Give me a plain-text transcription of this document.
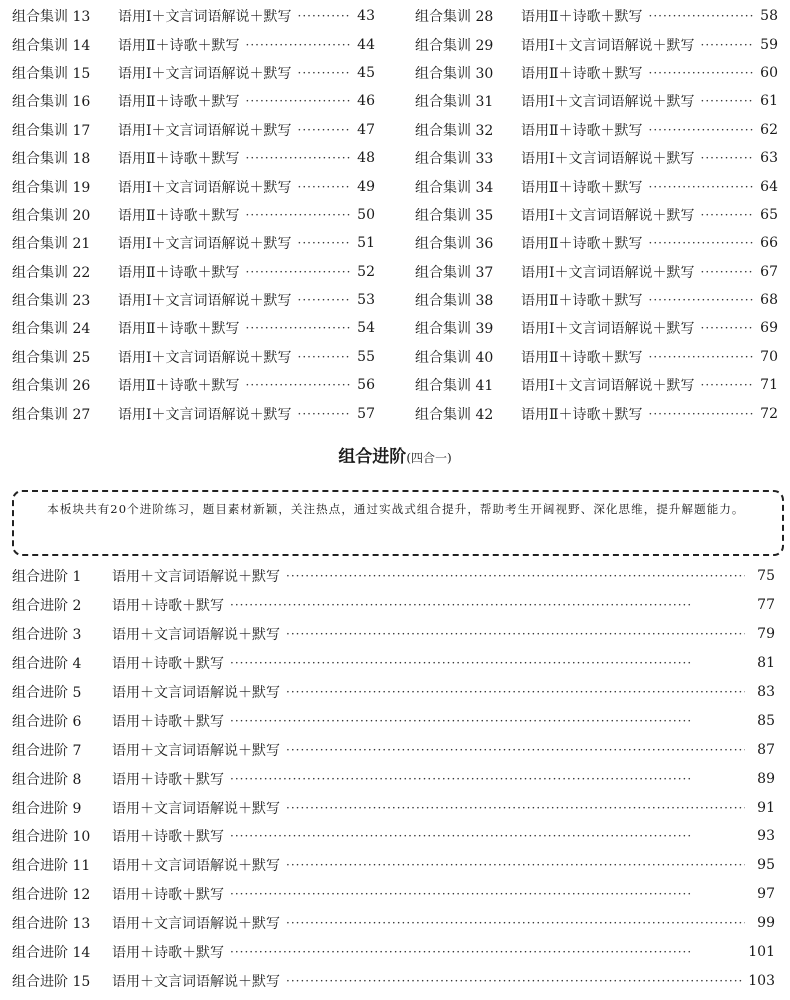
组合集训 13	语用Ⅰ＋文言词语解说＋默写 ·····	43
组合集训 14	语用Ⅱ＋诗歌＋默写 ·····	44
组合集训 15	语用Ⅰ＋文言词语解说＋默写 ·····	45
组合集训 16	语用Ⅱ＋诗歌＋默写 ·····	46
组合集训 17	语用Ⅰ＋文言词语解说＋默写 ·····	47
组合集训 18	语用Ⅱ＋诗歌＋默写 ·····	48
组合集训 19	语用Ⅰ＋文言词语解说＋默写 ·····	49
组合集训 20	语用Ⅱ＋诗歌＋默写 ·····	50
组合集训 21	语用Ⅰ＋文言词语解说＋默写 ·····	51
组合集训 22	语用Ⅱ＋诗歌＋默写 ·····	52
组合集训 23	语用Ⅰ＋文言词语解说＋默写 ·····	53
组合集训 24	语用Ⅱ＋诗歌＋默写 ·····	54
组合集训 25	语用Ⅰ＋文言词语解说＋默写 ·····	55
组合集训 26	语用Ⅱ＋诗歌＋默写 ·····	56
组合集训 27	语用Ⅰ＋文言词语解说＋默写 ·····	57
组合集训 28	语用Ⅱ＋诗歌＋默写 ·····	58
组合集训 29	语用Ⅰ＋文言词语解说＋默写 ·····	59
组合集训 30	语用Ⅱ＋诗歌＋默写 ·····	60
组合集训 31	语用Ⅰ＋文言词语解说＋默写 ·····	61
组合集训 32	语用Ⅱ＋诗歌＋默写 ·····	62
组合集训 33	语用Ⅰ＋文言词语解说＋默写 ·····	63
组合集训 34	语用Ⅱ＋诗歌＋默写 ·····	64
组合集训 35	语用Ⅰ＋文言词语解说＋默写 ·····	65
组合集训 36	语用Ⅱ＋诗歌＋默写 ·····	66
组合集训 37	语用Ⅰ＋文言词语解说＋默写 ·····	67
组合集训 38	语用Ⅱ＋诗歌＋默写 ·····	68
组合集训 39	语用Ⅰ＋文言词语解说＋默写 ·····	69
组合集训 40	语用Ⅱ＋诗歌＋默写 ·····	70
组合集训 41	语用Ⅰ＋文言词语解说＋默写 ·····	71
组合集训 42	语用Ⅱ＋诗歌＋默写 ·····	72
组合进阶(四合一)

本板块共有20个进阶练习，题目素材新颖，关注热点，通过实战式组合提升，帮助考生开阔视野、深化思维，提升解题能力。

组合进阶 1	语用＋文言词语解说＋默写 ·····	75
组合进阶 2	语用＋诗歌＋默写 ·····	77
组合进阶 3	语用＋文言词语解说＋默写 ·····	79
组合进阶 4	语用＋诗歌＋默写 ·····	81
组合进阶 5	语用＋文言词语解说＋默写 ·····	83
组合进阶 6	语用＋诗歌＋默写 ·····	85
组合进阶 7	语用＋文言词语解说＋默写 ·····	87
组合进阶 8	语用＋诗歌＋默写 ·····	89
组合进阶 9	语用＋文言词语解说＋默写 ·····	91
组合进阶 10	语用＋诗歌＋默写 ·····	93
组合进阶 11	语用＋文言词语解说＋默写 ·····	95
组合进阶 12	语用＋诗歌＋默写 ·····	97
组合进阶 13	语用＋文言词语解说＋默写 ·····	99
组合进阶 14	语用＋诗歌＋默写 ·····	101
组合进阶 15	语用＋文言词语解说＋默写 ·····	103
